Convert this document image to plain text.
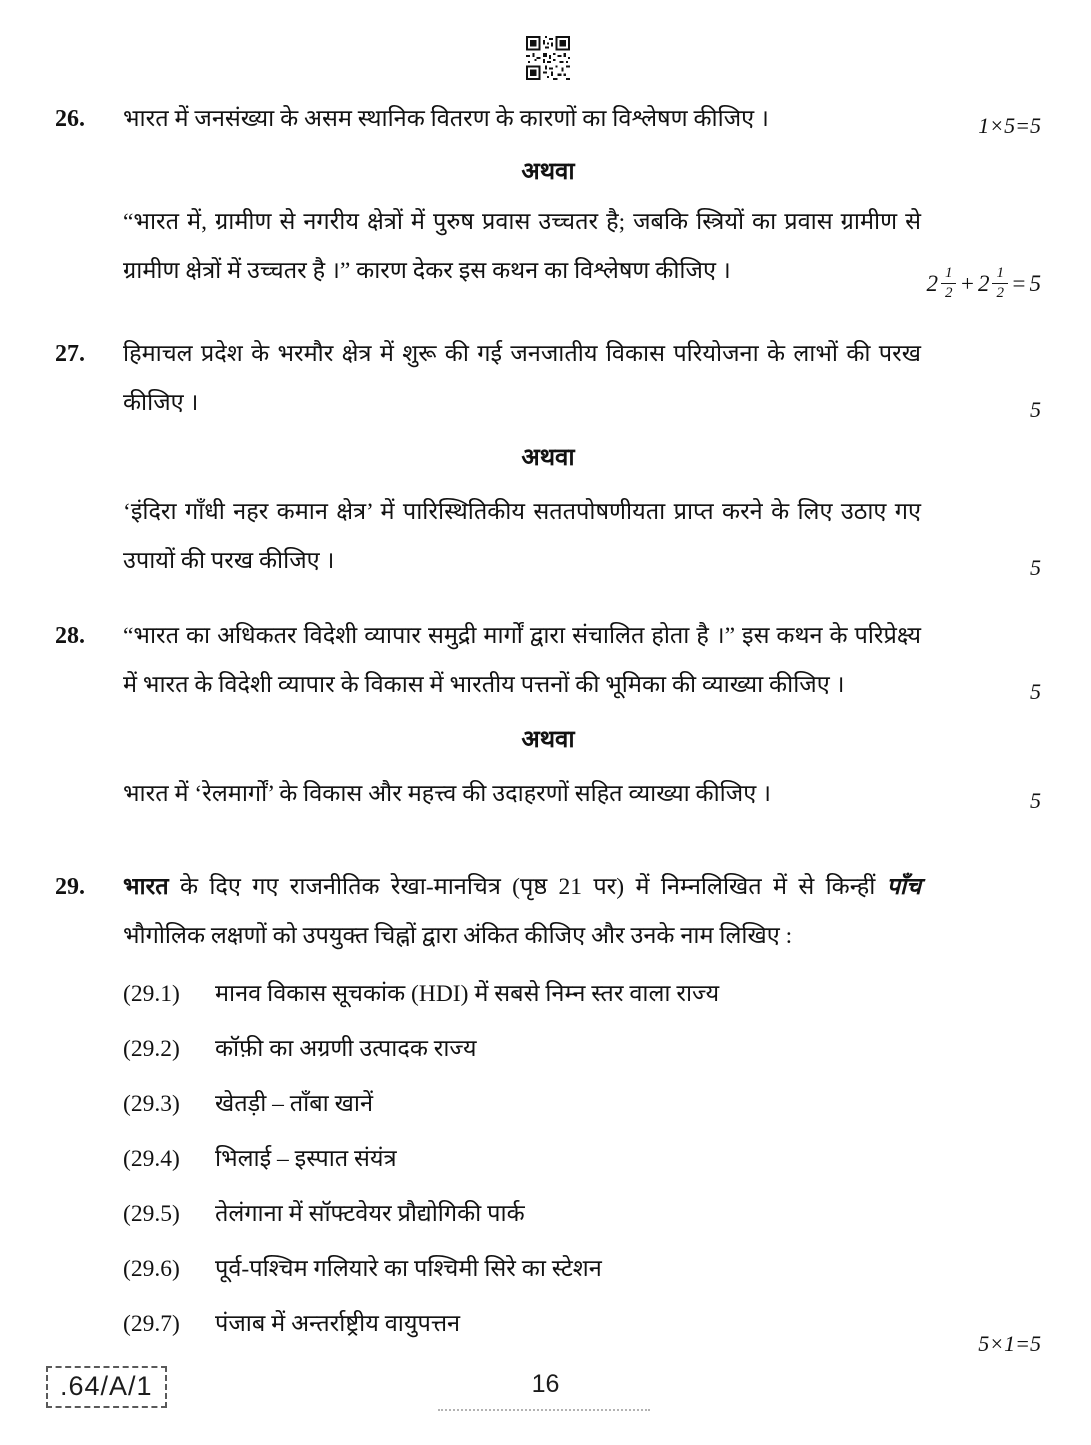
26.	भारत में जनसंख्या के असम स्थानिक वितरण के कारणों का विश्लेषण कीजिए ।	1×5=5
अथवा
“भारत में, ग्रामीण से नगरीय क्षेत्रों में पुरुष प्रवास उच्चतर है; जबकि स्त्रियों का प्रवास ग्रामीण से ग्रामीण क्षेत्रों में उच्चतर है ।” कारण देकर इस कथन का विश्लेषण कीजिए ।	$2 \frac{1}{2} + 2 \frac{1}{2} = 5$
27.	हिमाचल प्रदेश के भरमौर क्षेत्र में शुरू की गई जनजातीय विकास परियोजना के लाभों की परख कीजिए ।	5
अथवा
‘इंदिरा गाँधी नहर कमान क्षेत्र’ में पारिस्थितिकीय सततपोषणीयता प्राप्त करने के लिए उठाए गए उपायों की परख कीजिए ।	5
28.	“भारत का अधिकतर विदेशी व्यापार समुद्री मार्गों द्वारा संचालित होता है ।” इस कथन के परिप्रेक्ष्य में भारत के विदेशी व्यापार के विकास में भारतीय पत्तनों की भूमिका की व्याख्या कीजिए ।	5
अथवा
भारत में ‘रेलमार्गों’ के विकास और महत्त्व की उदाहरणों सहित व्याख्या कीजिए ।	5
29.	भारत के दिए गए राजनीतिक रेखा-मानचित्र (पृष्ठ 21 पर) में निम्नलिखित में से किन्हीं पाँच भौगोलिक लक्षणों को उपयुक्त चिह्नों द्वारा अंकित कीजिए और उनके नाम लिखिए :
5×1=5
(29.1)	मानव विकास सूचकांक (HDI) में सबसे निम्न स्तर वाला राज्य
(29.2)	कॉफ़ी का अग्रणी उत्पादक राज्य
(29.3)	खेतड़ी – ताँबा खानें
(29.4)	भिलाई – इस्पात संयंत्र
(29.5)	तेलंगाना में सॉफ्टवेयर प्रौद्योगिकी पार्क
(29.6)	पूर्व-पश्चिम गलियारे का पश्चिमी सिरे का स्टेशन
(29.7)	पंजाब में अन्तर्राष्ट्रीय वायुपत्तन
.64/A/1	16
